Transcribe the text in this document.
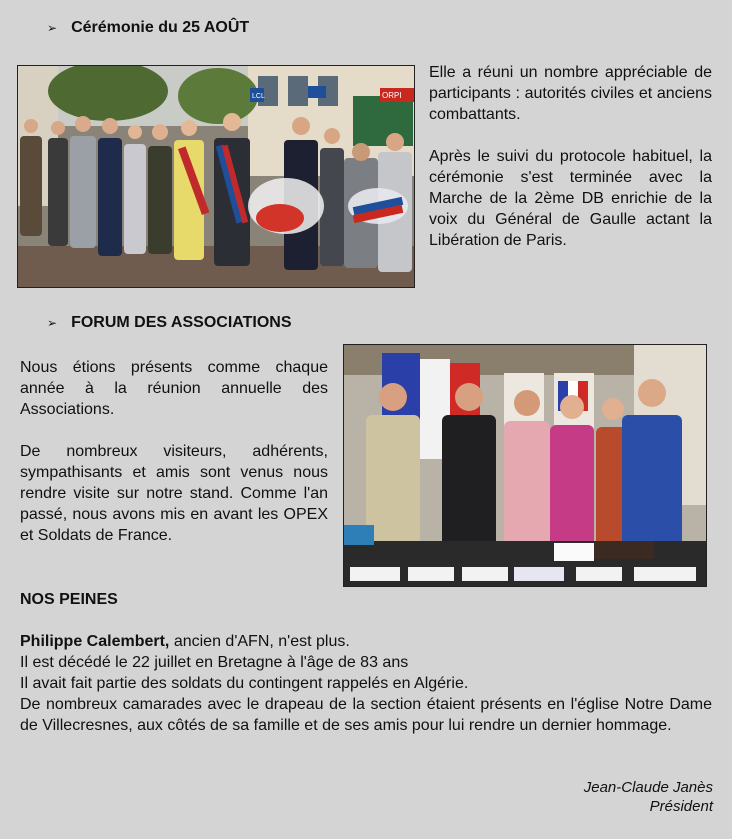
➢ Cérémonie du 25 AOÛT
LCL	ORPI

Elle a réuni un nombre appréciable de participants : autorités civiles et anciens combattants.

Après le suivi du protocole habituel, la cérémonie s'est terminée avec la Marche de la 2ème DB enrichie de la voix du Général de Gaulle actant la Libération de Paris.

➢ FORUM DES ASSOCIATIONS

Nous étions présents comme chaque année à la réunion annuelle des Associations.

De nombreux visiteurs, adhérents, sympathisants et amis sont venus nous rendre visite sur notre stand. Comme l'an passé, nous avons mis en avant les OPEX et Soldats de France.

NOS PEINES

Philippe Calembert, ancien d'AFN, n'est plus.

Il est décédé le 22 juillet en Bretagne à l'âge de 83 ans

Il avait fait partie des soldats du contingent rappelés en Algérie.

De nombreux camarades avec le drapeau de la section étaient présents en l'église Notre Dame de Villecresnes, aux côtés de sa famille et de ses amis pour lui rendre un dernier hommage.

Jean-Claude Janès
Président
